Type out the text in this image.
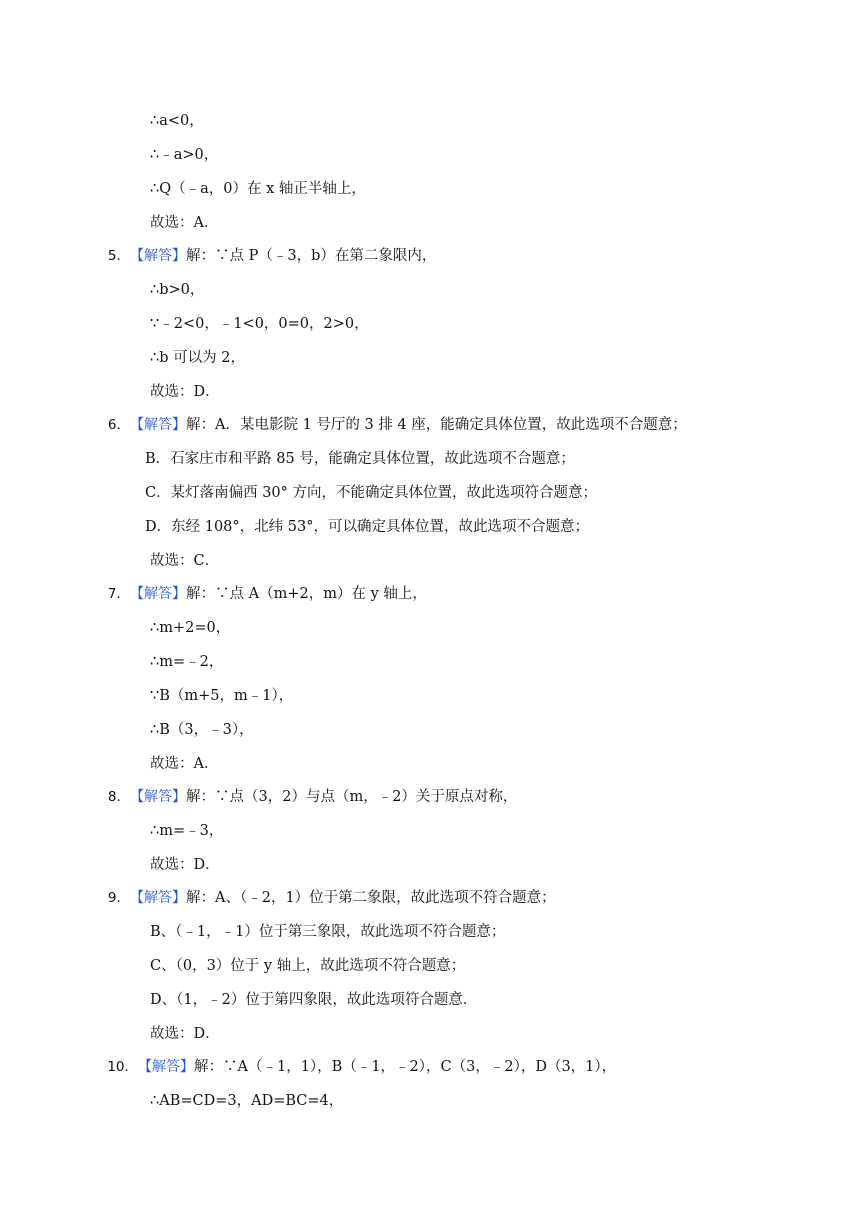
∴a<0，
∴﹣a>0，
∴Q（﹣a，0）在 x 轴正半轴上，
故选：A．
5．【解答】解：∵点 P（﹣3，b）在第二象限内，
∴b>0，
∵﹣2<0，﹣1<0，0=0，2>0，
∴b 可以为 2，
故选：D．
6．【解答】解：A．某电影院 1 号厅的 3 排 4 座，能确定具体位置，故此选项不合题意；
B．石家庄市和平路 85 号，能确定具体位置，故此选项不合题意；
C．某灯落南偏西 30° 方向，不能确定具体位置，故此选项符合题意；
D．东经 108°，北纬 53°，可以确定具体位置，故此选项不合题意；
故选：C．
7．【解答】解：∵点 A（m+2，m）在 y 轴上，
∴m+2=0，
∴m=﹣2，
∵B（m+5，m﹣1），
∴B（3，﹣3），
故选：A．
8．【解答】解：∵点（3，2）与点（m，﹣2）关于原点对称，
∴m=﹣3，
故选：D．
9．【解答】解：A、（﹣2，1）位于第二象限，故此选项不符合题意；
B、（﹣1，﹣1）位于第三象限，故此选项不符合题意；
C、（0，3）位于 y 轴上，故此选项不符合题意；
D、（1，﹣2）位于第四象限，故此选项符合题意．
故选：D．
10．【解答】解：∵A（﹣1，1），B（﹣1，﹣2），C（3，﹣2），D（3，1），
∴AB=CD=3，AD=BC=4，
